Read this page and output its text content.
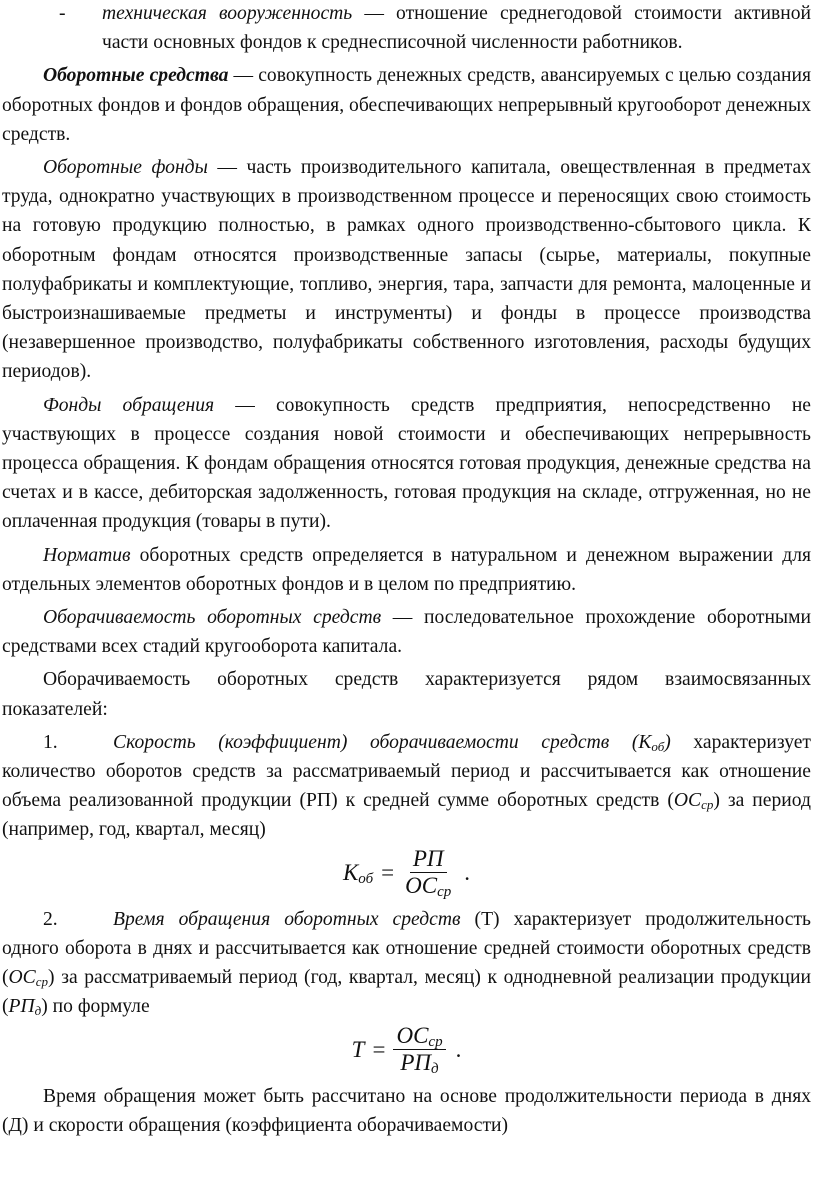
-	техническая вооруженность — отношение среднегодовой стоимости активной части основных фондов к среднесписочной численности работников.

Оборотные средства — совокупность денежных средств, авансируемых с целью создания оборотных фондов и фондов обращения, обеспечивающих непрерывный кругооборот денежных средств.

Оборотные фонды — часть производительного капитала, овеществленная в предметах труда, однократно участвующих в производственном процессе и переносящих свою стоимость на готовую продукцию полностью, в рамках одного производственно-сбытового цикла. К оборотным фондам относятся производственные запасы (сырье, материалы, покупные полуфабрикаты и комплектующие, топливо, энергия, тара, запчасти для ремонта, малоценные и быстроизнашиваемые предметы и инструменты) и фонды в процессе производства (незавершенное производство, полуфабрикаты собственного изготовления, расходы будущих периодов).

Фонды обращения — совокупность средств предприятия, непосредственно не участвующих в процессе создания новой стоимости и обеспечивающих непрерывность процесса обращения. К фондам обращения относятся готовая продукция, денежные средства на счетах и в кассе, дебиторская задолженность, готовая продукция на складе, отгруженная, но не оплаченная продукция (товары в пути).

Норматив оборотных средств определяется в натуральном и денежном выражении для отдельных элементов оборотных фондов и в целом по предприятию.

Оборачиваемость оборотных средств — последовательное прохождение оборотными средствами всех стадий кругооборота капитала.

Оборачиваемость оборотных средств характеризуется рядом взаимосвязанных показателей:

1.	Скорость (коэффициент) оборачиваемости средств $(К_{об})$ характеризует количество оборотов средств за рассматриваемый период и рассчитывается как отношение объема реализованной продукции (РП) к средней сумме оборотных средств $(ОС_{ср})$ за период (например, год, квартал, месяц)

$К_{об} = \frac{РП}{ОС_{ср}}$ .

2.	Время обращения оборотных средств (Т) характеризует продолжительность одного оборота в днях и рассчитывается как отношение средней стоимости оборотных средств $(ОС_{ср})$ за рассматриваемый период (год, квартал, месяц) к однодневной реализации продукции $(РП_д)$ по формуле

$Т = \frac{ОС_{ср}}{РП_д}$ .

Время обращения может быть рассчитано на основе продолжительности периода в днях (Д) и скорости обращения (коэффициента оборачиваемости)
